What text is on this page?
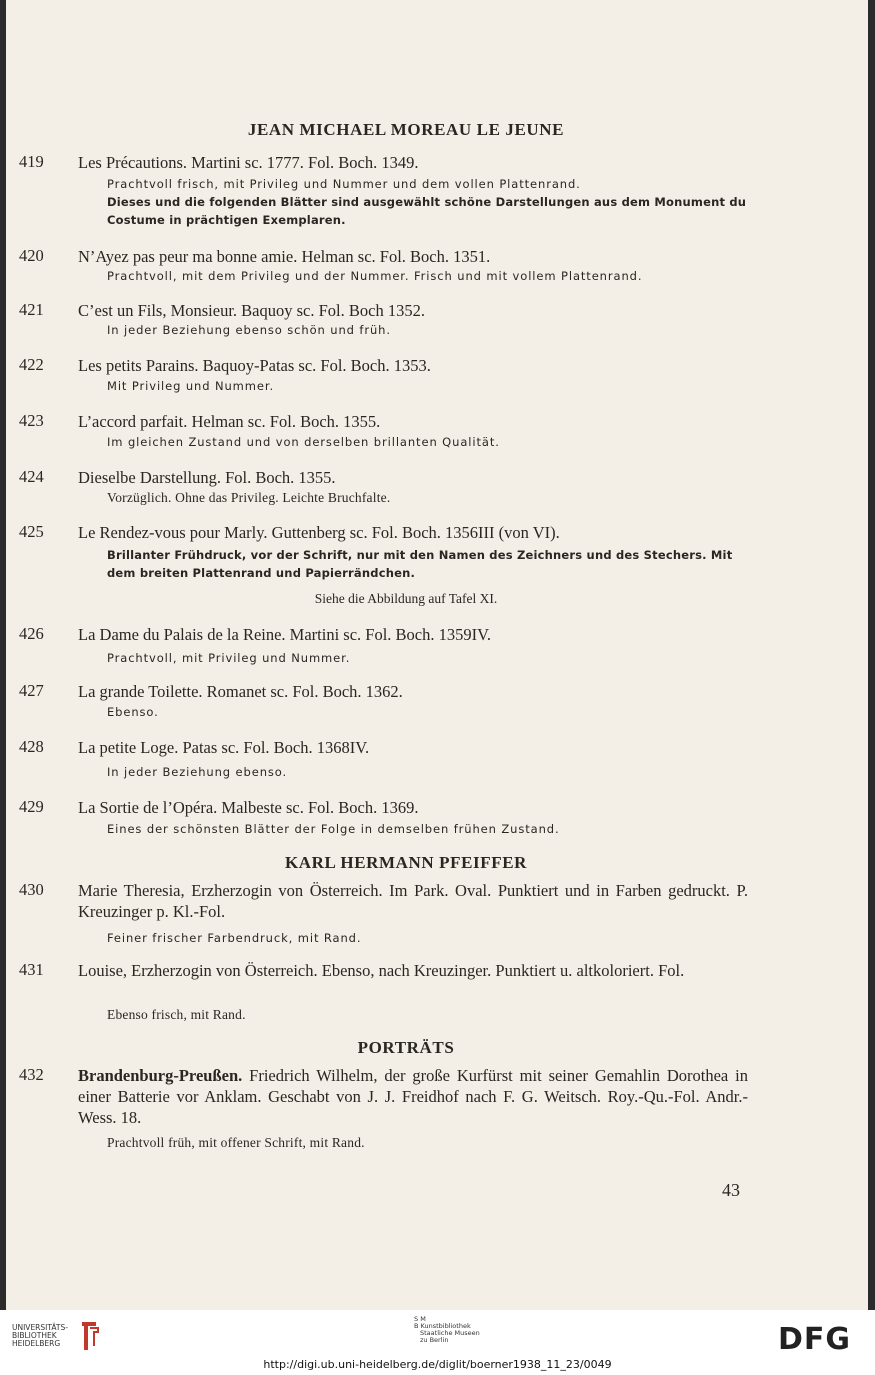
JEAN MICHAEL MOREAU LE JEUNE
419 Les Précautions. Martini sc. 1777. Fol. Boch. 1349.
Prachtvoll frisch, mit Privileg und Nummer und dem vollen Plattenrand.
Dieses und die folgenden Blätter sind ausgewählt schöne Darstellungen aus dem Monument du Costume in prächtigen Exemplaren.
420 N’Ayez pas peur ma bonne amie. Helman sc. Fol. Boch. 1351.
Prachtvoll, mit dem Privileg und der Nummer. Frisch und mit vollem Plattenrand.
421 C’est un Fils, Monsieur. Baquoy sc. Fol. Boch 1352.
In jeder Beziehung ebenso schön und früh.
422 Les petits Parains. Baquoy-Patas sc. Fol. Boch. 1353.
Mit Privileg und Nummer.
423 L’accord parfait. Helman sc. Fol. Boch. 1355.
Im gleichen Zustand und von derselben brillanten Qualität.
424 Dieselbe Darstellung. Fol. Boch. 1355.
Vorzüglich. Ohne das Privileg. Leichte Bruchfalte.
425 Le Rendez-vous pour Marly. Guttenberg sc. Fol. Boch. 1356III (von VI).
Brillanter Frühdruck, vor der Schrift, nur mit den Namen des Zeichners und des Stechers. Mit dem breiten Plattenrand und Papierrändchen.
Siehe die Abbildung auf Tafel XI.
426 La Dame du Palais de la Reine. Martini sc. Fol. Boch. 1359IV.
Prachtvoll, mit Privileg und Nummer.
427 La grande Toilette. Romanet sc. Fol. Boch. 1362.
Ebenso.
428 La petite Loge. Patas sc. Fol. Boch. 1368IV.
In jeder Beziehung ebenso.
429 La Sortie de l’Opéra. Malbeste sc. Fol. Boch. 1369.
Eines der schönsten Blätter der Folge in demselben frühen Zustand.
KARL HERMANN PFEIFFER
430 Marie Theresia, Erzherzogin von Österreich. Im Park. Oval. Punktiert und in Farben gedruckt. P. Kreuzinger p. Kl.-Fol.
Feiner frischer Farbendruck, mit Rand.
431 Louise, Erzherzogin von Österreich. Ebenso, nach Kreuzinger. Punktiert u. altkoloriert. Fol.
Ebenso frisch, mit Rand.
PORTRÄTS
432 Brandenburg-Preußen. Friedrich Wilhelm, der große Kurfürst mit seiner Gemahlin Dorothea in einer Batterie vor Anklam. Geschabt von J. J. Freidhof nach F. G. Weitsch. Roy.-Qu.-Fol. Andr.-Wess. 18.
Prachtvoll früh, mit offener Schrift, mit Rand.
43
UNIVERSITÄTS-
BIBLIOTHEK
HEIDELBERG
S M
B Kunstbibliothek
Staatliche Museen
zu Berlin	DFG
http://digi.ub.uni-heidelberg.de/diglit/boerner1938_11_23/0049
